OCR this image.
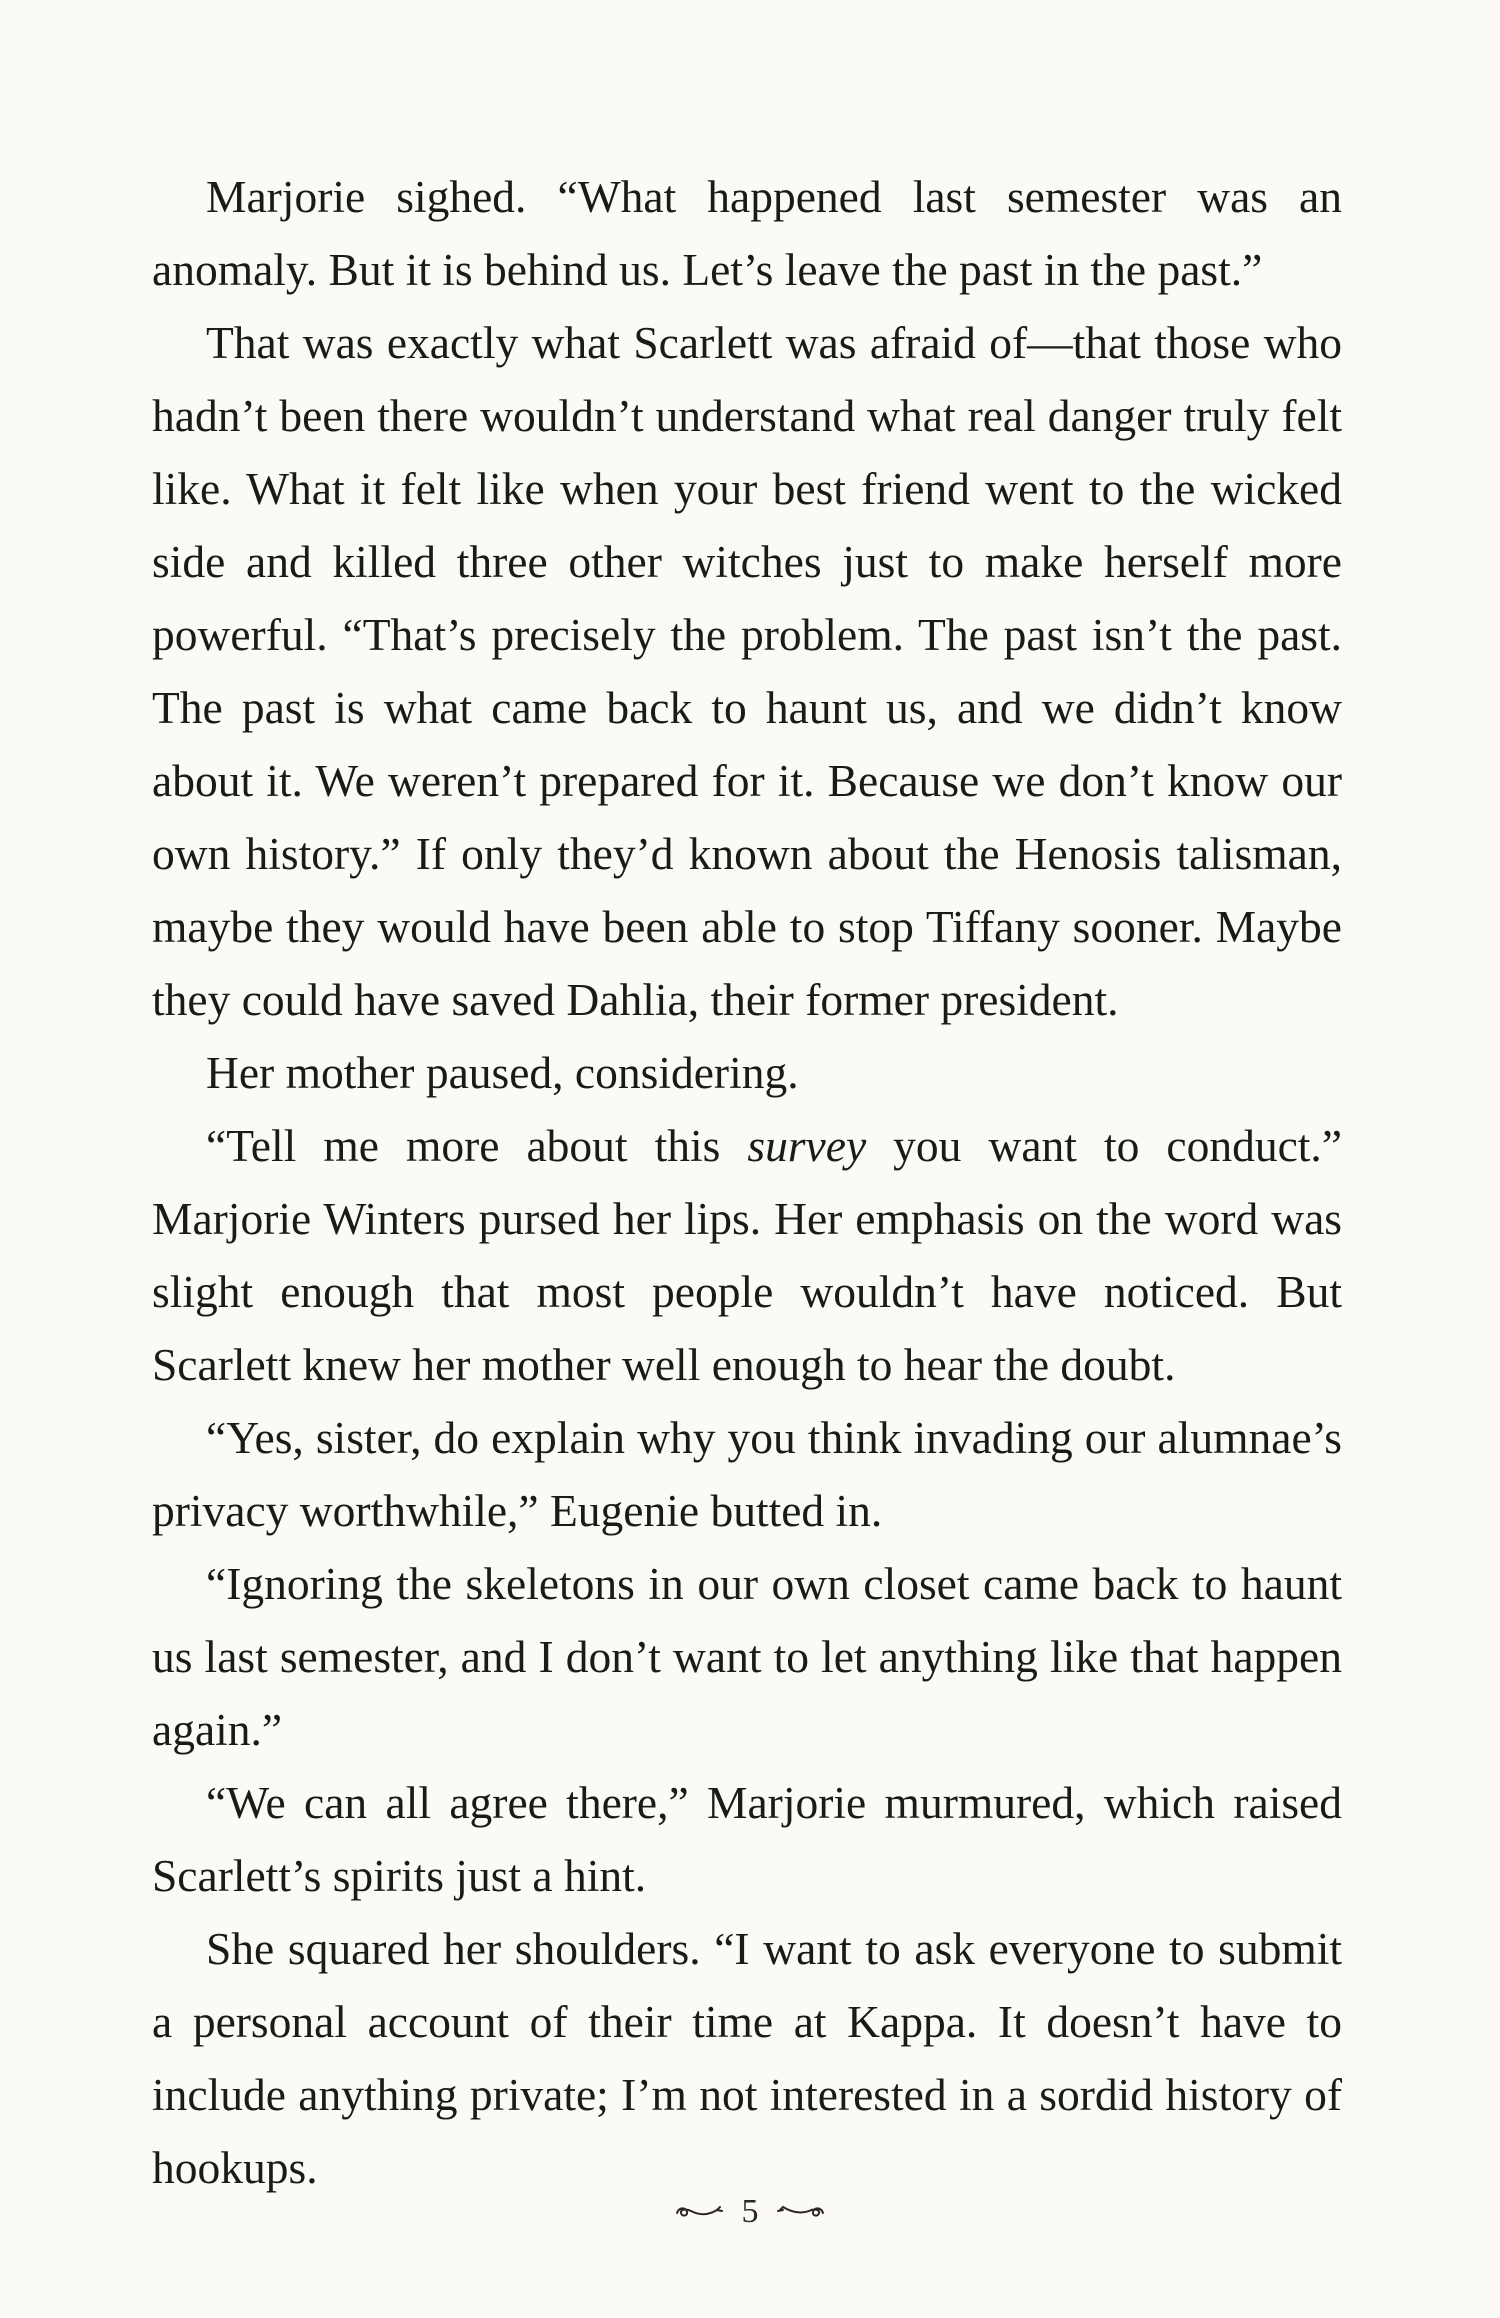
Marjorie sighed. “What happened last semester was an anomaly. But it is behind us. Let’s leave the past in the past.”

That was exactly what Scarlett was afraid of—that those who hadn’t been there wouldn’t understand what real danger truly felt like. What it felt like when your best friend went to the wicked side and killed three other witches just to make herself more powerful. “That’s precisely the problem. The past isn’t the past. The past is what came back to haunt us, and we didn’t know about it. We weren’t prepared for it. Because we don’t know our own history.” If only they’d known about the Henosis talisman, maybe they would have been able to stop Tiffany sooner. Maybe they could have saved Dahlia, their former president.

Her mother paused, considering.

“Tell me more about this survey you want to conduct.” Marjorie Winters pursed her lips. Her emphasis on the word was slight enough that most people wouldn’t have noticed. But Scarlett knew her mother well enough to hear the doubt.

“Yes, sister, do explain why you think invading our alumnae’s privacy worthwhile,” Eugenie butted in.

“Ignoring the skeletons in our own closet came back to haunt us last semester, and I don’t want to let anything like that happen again.”

“We can all agree there,” Marjorie murmured, which raised Scarlett’s spirits just a hint.

She squared her shoulders. “I want to ask everyone to submit a personal account of their time at Kappa. It doesn’t have to include anything private; I’m not interested in a sordid history of hookups.

5
